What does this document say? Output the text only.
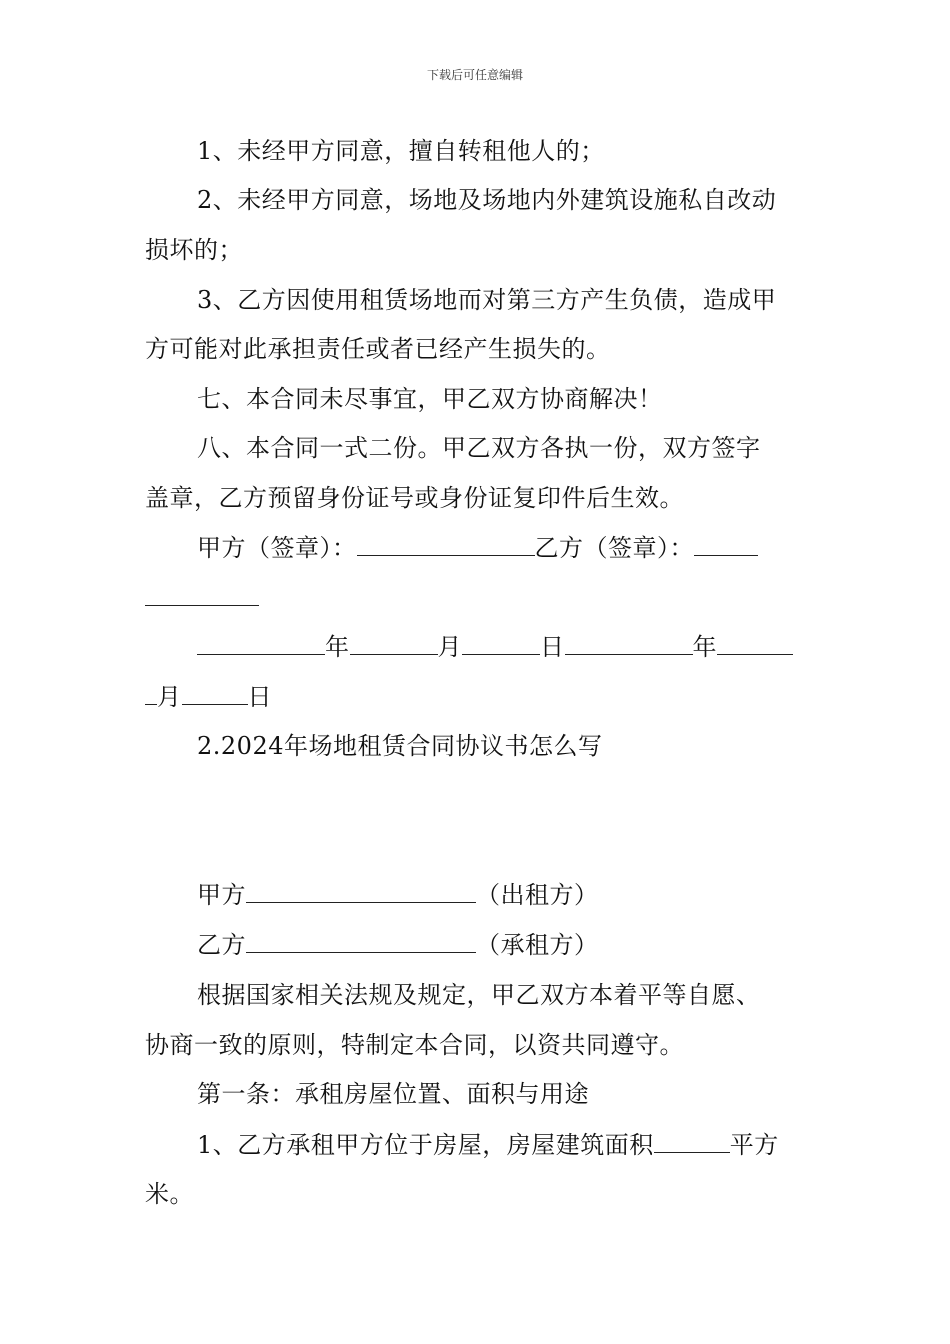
下载后可任意编辑
1、未经甲方同意，擅自转租他人的；
2、未经甲方同意，场地及场地内外建筑设施私自改动
损坏的；
3、乙方因使用租赁场地而对第三方产生负债，造成甲
方可能对此承担责任或者已经产生损失的。
七、本合同未尽事宜，甲乙双方协商解决！
八、本合同一式二份。甲乙双方各执一份，双方签字
盖章，乙方预留身份证号或身份证复印件后生效。
甲方（签章）：	乙方（签章）：
年	月	日	年
月	日
2.2024年场地租赁合同协议书怎么写
甲方	（出租方）
乙方	（承租方）
根据国家相关法规及规定，甲乙双方本着平等自愿、
协商一致的原则，特制定本合同，以资共同遵守。
第一条：承租房屋位置、面积与用途
1、乙方承租甲方位于房屋，房屋建筑面积	平方
米。
